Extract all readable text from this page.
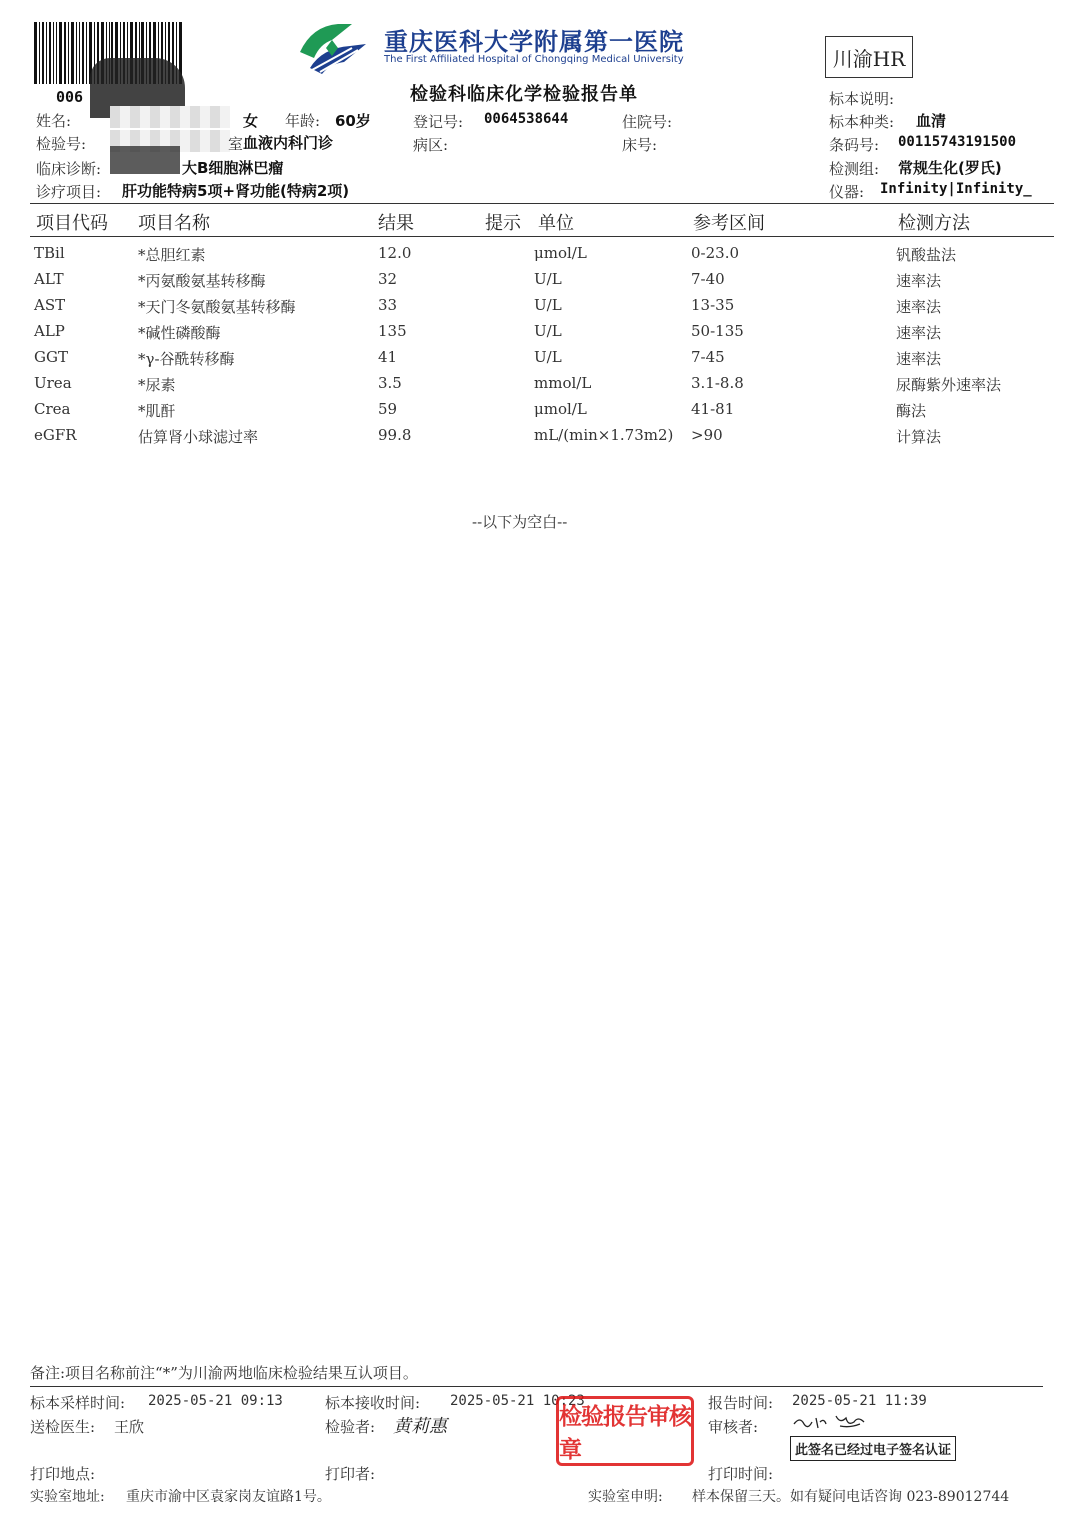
006
重庆医科大学附属第一医院
The First Affiliated Hospital of Chongqing Medical University
检验科临床化学检验报告单
川渝HR
姓名:	女 年龄: 60岁
检验号:	室:
血液内科门诊
临床诊断:	大B细胞淋巴瘤
诊疗项目: 肝功能特病5项+肾功能(特病2项)
登记号: 0064538644
病区:
住院号:
床号:
标本说明:
标本种类: 血清
条码号: 00115743191500
检测组: 常规生化(罗氏)
仪器: Infinity|Infinity_
项目代码 项目名称	结果	提示 单位	参考区间	检测方法
TBil	*总胆红素	12.0	μmol/L	0-23.0	钒酸盐法
ALT	*丙氨酸氨基转移酶	32	U/L	7-40	速率法
AST	*天门冬氨酸氨基转移酶	33	U/L	13-35	速率法
ALP	*碱性磷酸酶	135	U/L	50-135	速率法
GGT	*γ-谷酰转移酶	41	U/L	7-45	速率法
Urea	*尿素	3.5	mmol/L	3.1-8.8	尿酶紫外速率法
Crea	*肌酐	59	μmol/L	41-81	酶法
eGFR	估算肾小球滤过率	99.8	mL/(min×1.73m2) >90	计算法
--以下为空白--
备注:项目名称前注“*”为川渝两地临床检验结果互认项目。
标本采样时间: 2025-05-21 09:13	标本接收时间: 2025-05-21 10:23	报告时间: 2025-05-21 11:39
送检医生: 王欣	检验者: 黄莉惠	检验报告审核章
审核者:
此签名已经过电子签名认证
打印地点:	打印者:	打印时间:
实验室地址: 重庆市渝中区袁家岗友谊路1号。	实验室申明: 样本保留三天。如有疑问电话咨询 023-89012744
